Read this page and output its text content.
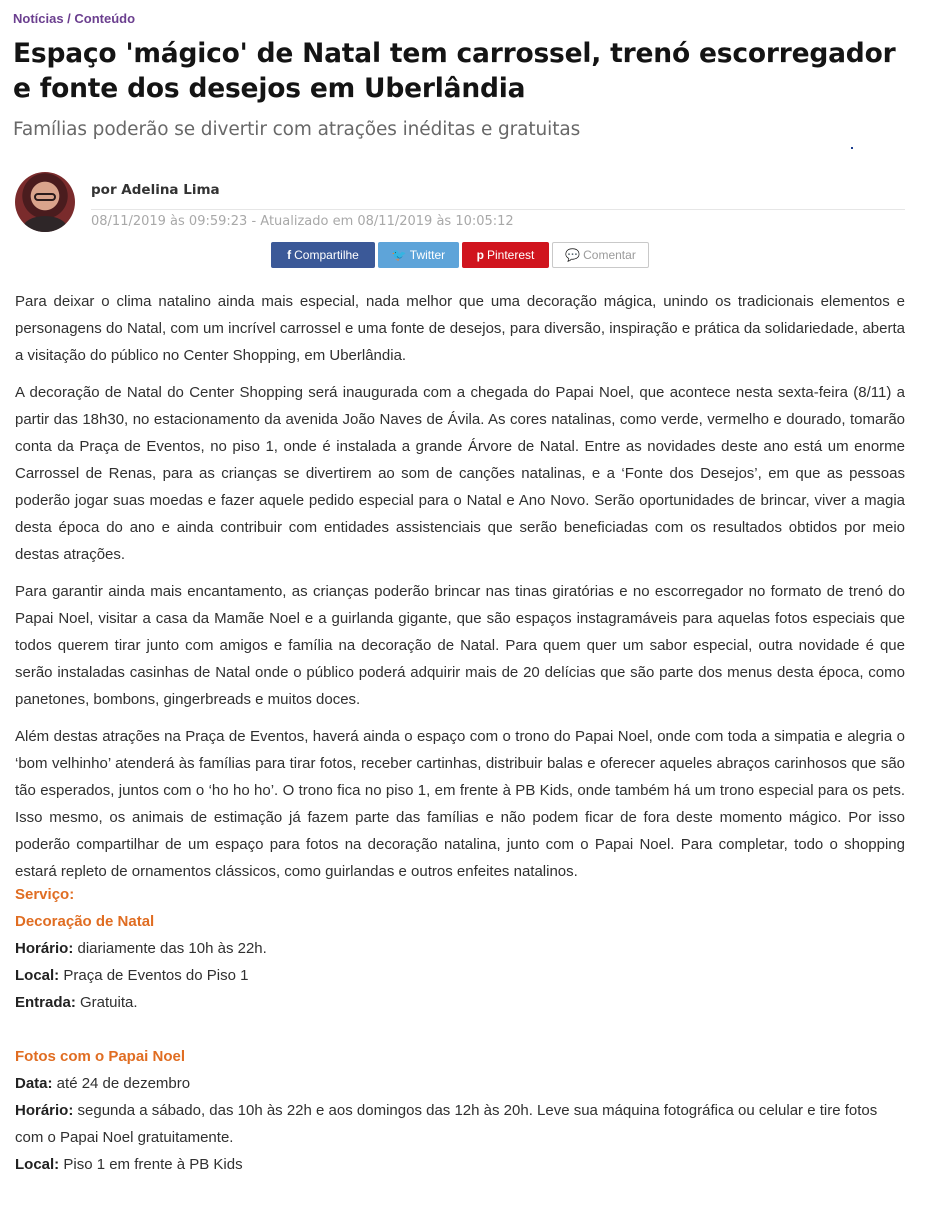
Notícias / Conteúdo
Espaço 'mágico' de Natal tem carrossel, trenó escorregador e fonte dos desejos em Uberlândia
Famílias poderão se divertir com atrações inéditas e gratuitas
por Adelina Lima
08/11/2019 às 09:59:23 - Atualizado em 08/11/2019 às 10:05:12
f Compartilhe	🐦 Twitter	p Pinterest	💬 Comentar

Para deixar o clima natalino ainda mais especial, nada melhor que uma decoração mágica, unindo os tradicionais elementos e personagens do Natal, com um incrível carrossel e uma fonte de desejos, para diversão, inspiração e prática da solidariedade, aberta a visitação do público no Center Shopping, em Uberlândia.

A decoração de Natal do Center Shopping será inaugurada com a chegada do Papai Noel, que acontece nesta sexta-feira (8/11) a partir das 18h30, no estacionamento da avenida João Naves de Ávila. As cores natalinas, como verde, vermelho e dourado, tomarão conta da Praça de Eventos, no piso 1, onde é instalada a grande Árvore de Natal. Entre as novidades deste ano está um enorme Carrossel de Renas, para as crianças se divertirem ao som de canções natalinas, e a ‘Fonte dos Desejos’, em que as pessoas poderão jogar suas moedas e fazer aquele pedido especial para o Natal e Ano Novo. Serão oportunidades de brincar, viver a magia desta época do ano e ainda contribuir com entidades assistenciais que serão beneficiadas com os resultados obtidos por meio destas atrações.

Para garantir ainda mais encantamento, as crianças poderão brincar nas tinas giratórias e no escorregador no formato de trenó do Papai Noel, visitar a casa da Mamãe Noel e a guirlanda gigante, que são espaços instagramáveis para aquelas fotos especiais que todos querem tirar junto com amigos e família na decoração de Natal. Para quem quer um sabor especial, outra novidade é que serão instaladas casinhas de Natal onde o público poderá adquirir mais de 20 delícias que são parte dos menus desta época, como panetones, bombons, gingerbreads e muitos doces.

Além destas atrações na Praça de Eventos, haverá ainda o espaço com o trono do Papai Noel, onde com toda a simpatia e alegria o ‘bom velhinho’ atenderá às famílias para tirar fotos, receber cartinhas, distribuir balas e oferecer aqueles abraços carinhosos que são tão esperados, juntos com o ‘ho ho ho’. O trono fica no piso 1, em frente à PB Kids, onde também há um trono especial para os pets. Isso mesmo, os animais de estimação já fazem parte das famílias e não podem ficar de fora deste momento mágico. Por isso poderão compartilhar de um espaço para fotos na decoração natalina, junto com o Papai Noel. Para completar, todo o shopping estará repleto de ornamentos clássicos, como guirlandas e outros enfeites natalinos.

Serviço:
Decoração de Natal
Horário: diariamente das 10h às 22h.
Local: Praça de Eventos do Piso 1
Entrada: Gratuita.
Fotos com o Papai Noel
Data: até 24 de dezembro
Horário: segunda a sábado, das 10h às 22h e aos domingos das 12h às 20h. Leve sua máquina fotográfica ou celular e tire fotos com o Papai Noel gratuitamente.
Local: Piso 1 em frente à PB Kids
